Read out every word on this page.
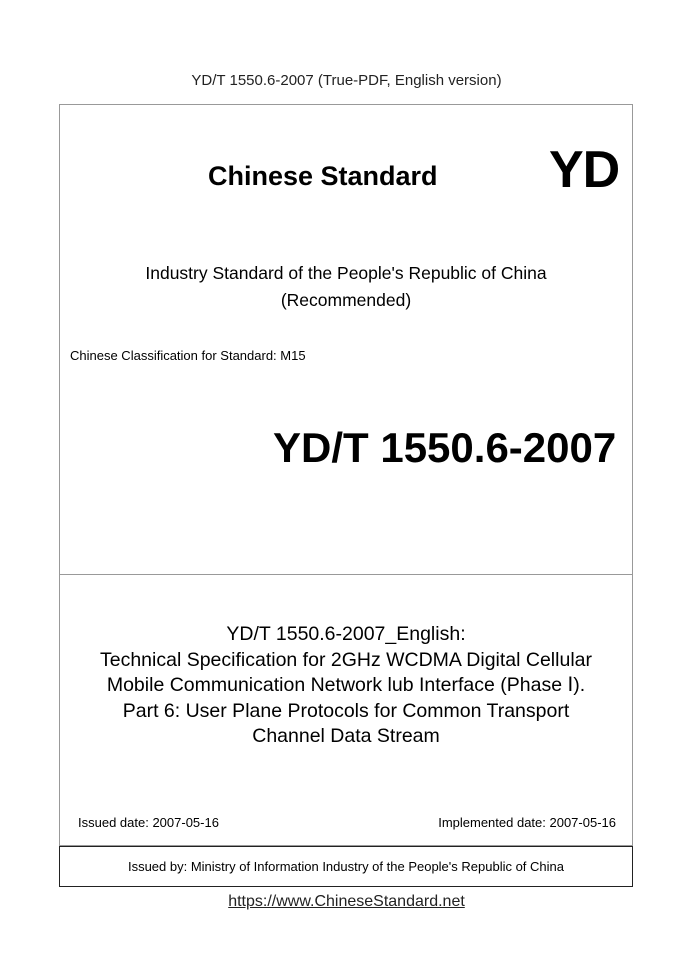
YD/T 1550.6-2007 (True-PDF, English version)
Chinese Standard YD
Industry Standard of the People's Republic of China
(Recommended)
Chinese Classification for Standard: M15
YD/T 1550.6-2007
YD/T 1550.6-2007_English:
Technical Specification for 2GHz WCDMA Digital Cellular
Mobile Communication Network lub Interface (Phase Ⅰ).
Part 6: User Plane Protocols for Common Transport
Channel Data Stream
Issued date: 2007-05-16	Implemented date: 2007-05-16
Issued by: Ministry of Information Industry of the People's Republic of China
https://www.ChineseStandard.net
